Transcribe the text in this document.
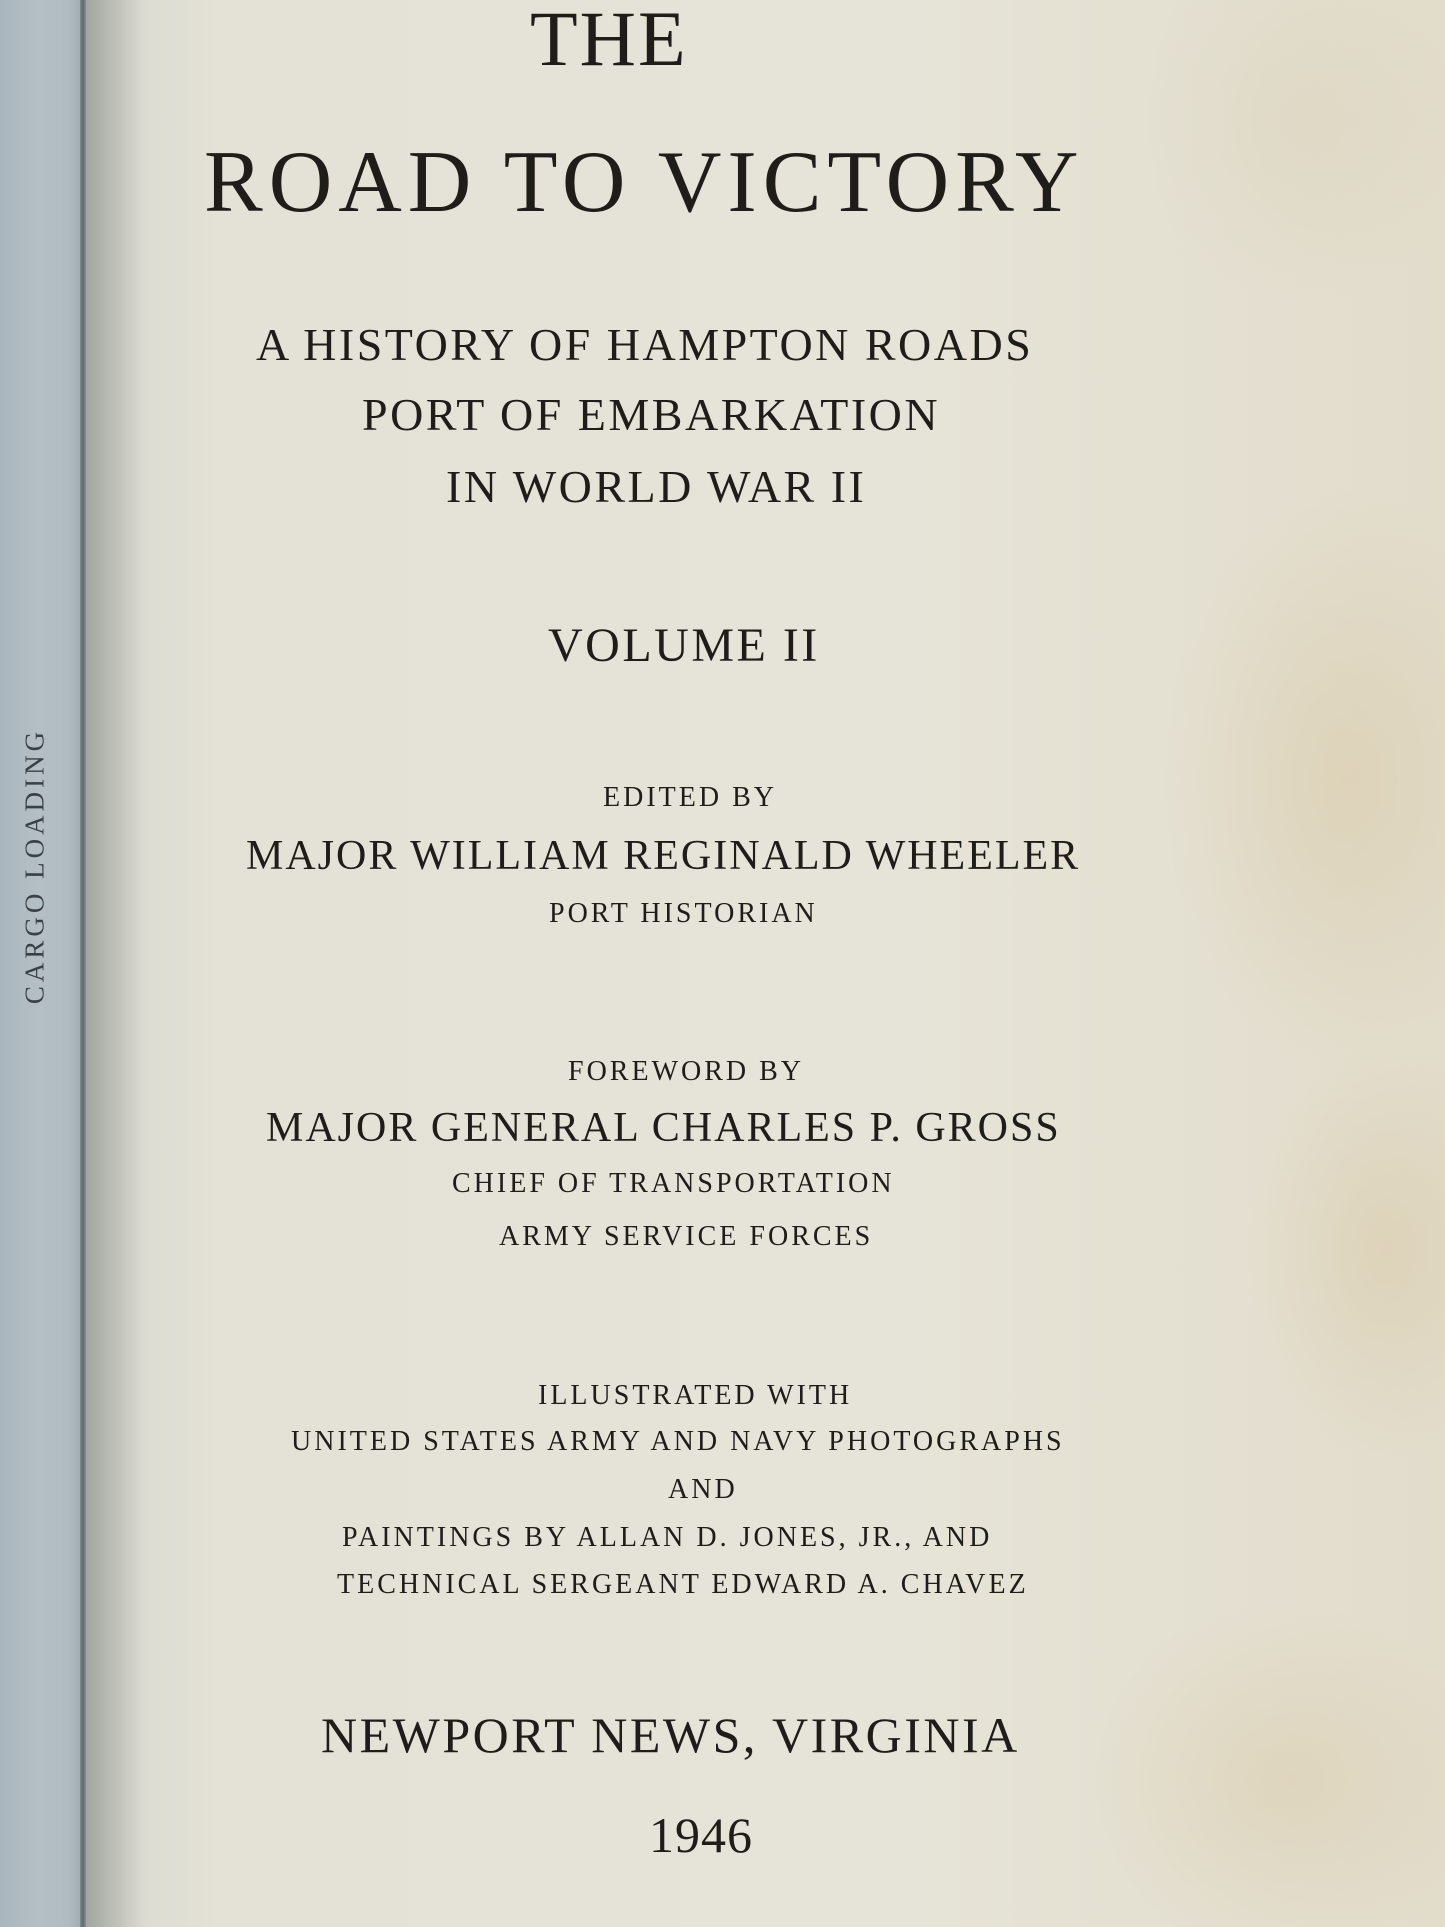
CARGO LOADING
THE
ROAD TO VICTORY
A HISTORY OF HAMPTON ROADS
PORT OF EMBARKATION
IN WORLD WAR II
VOLUME II
EDITED BY
MAJOR WILLIAM REGINALD WHEELER
PORT HISTORIAN
FOREWORD BY
MAJOR GENERAL CHARLES P. GROSS
CHIEF OF TRANSPORTATION
ARMY SERVICE FORCES
ILLUSTRATED WITH
UNITED STATES ARMY AND NAVY PHOTOGRAPHS
AND
PAINTINGS BY ALLAN D. JONES, JR., AND
TECHNICAL SERGEANT EDWARD A. CHAVEZ
NEWPORT NEWS, VIRGINIA
1946
